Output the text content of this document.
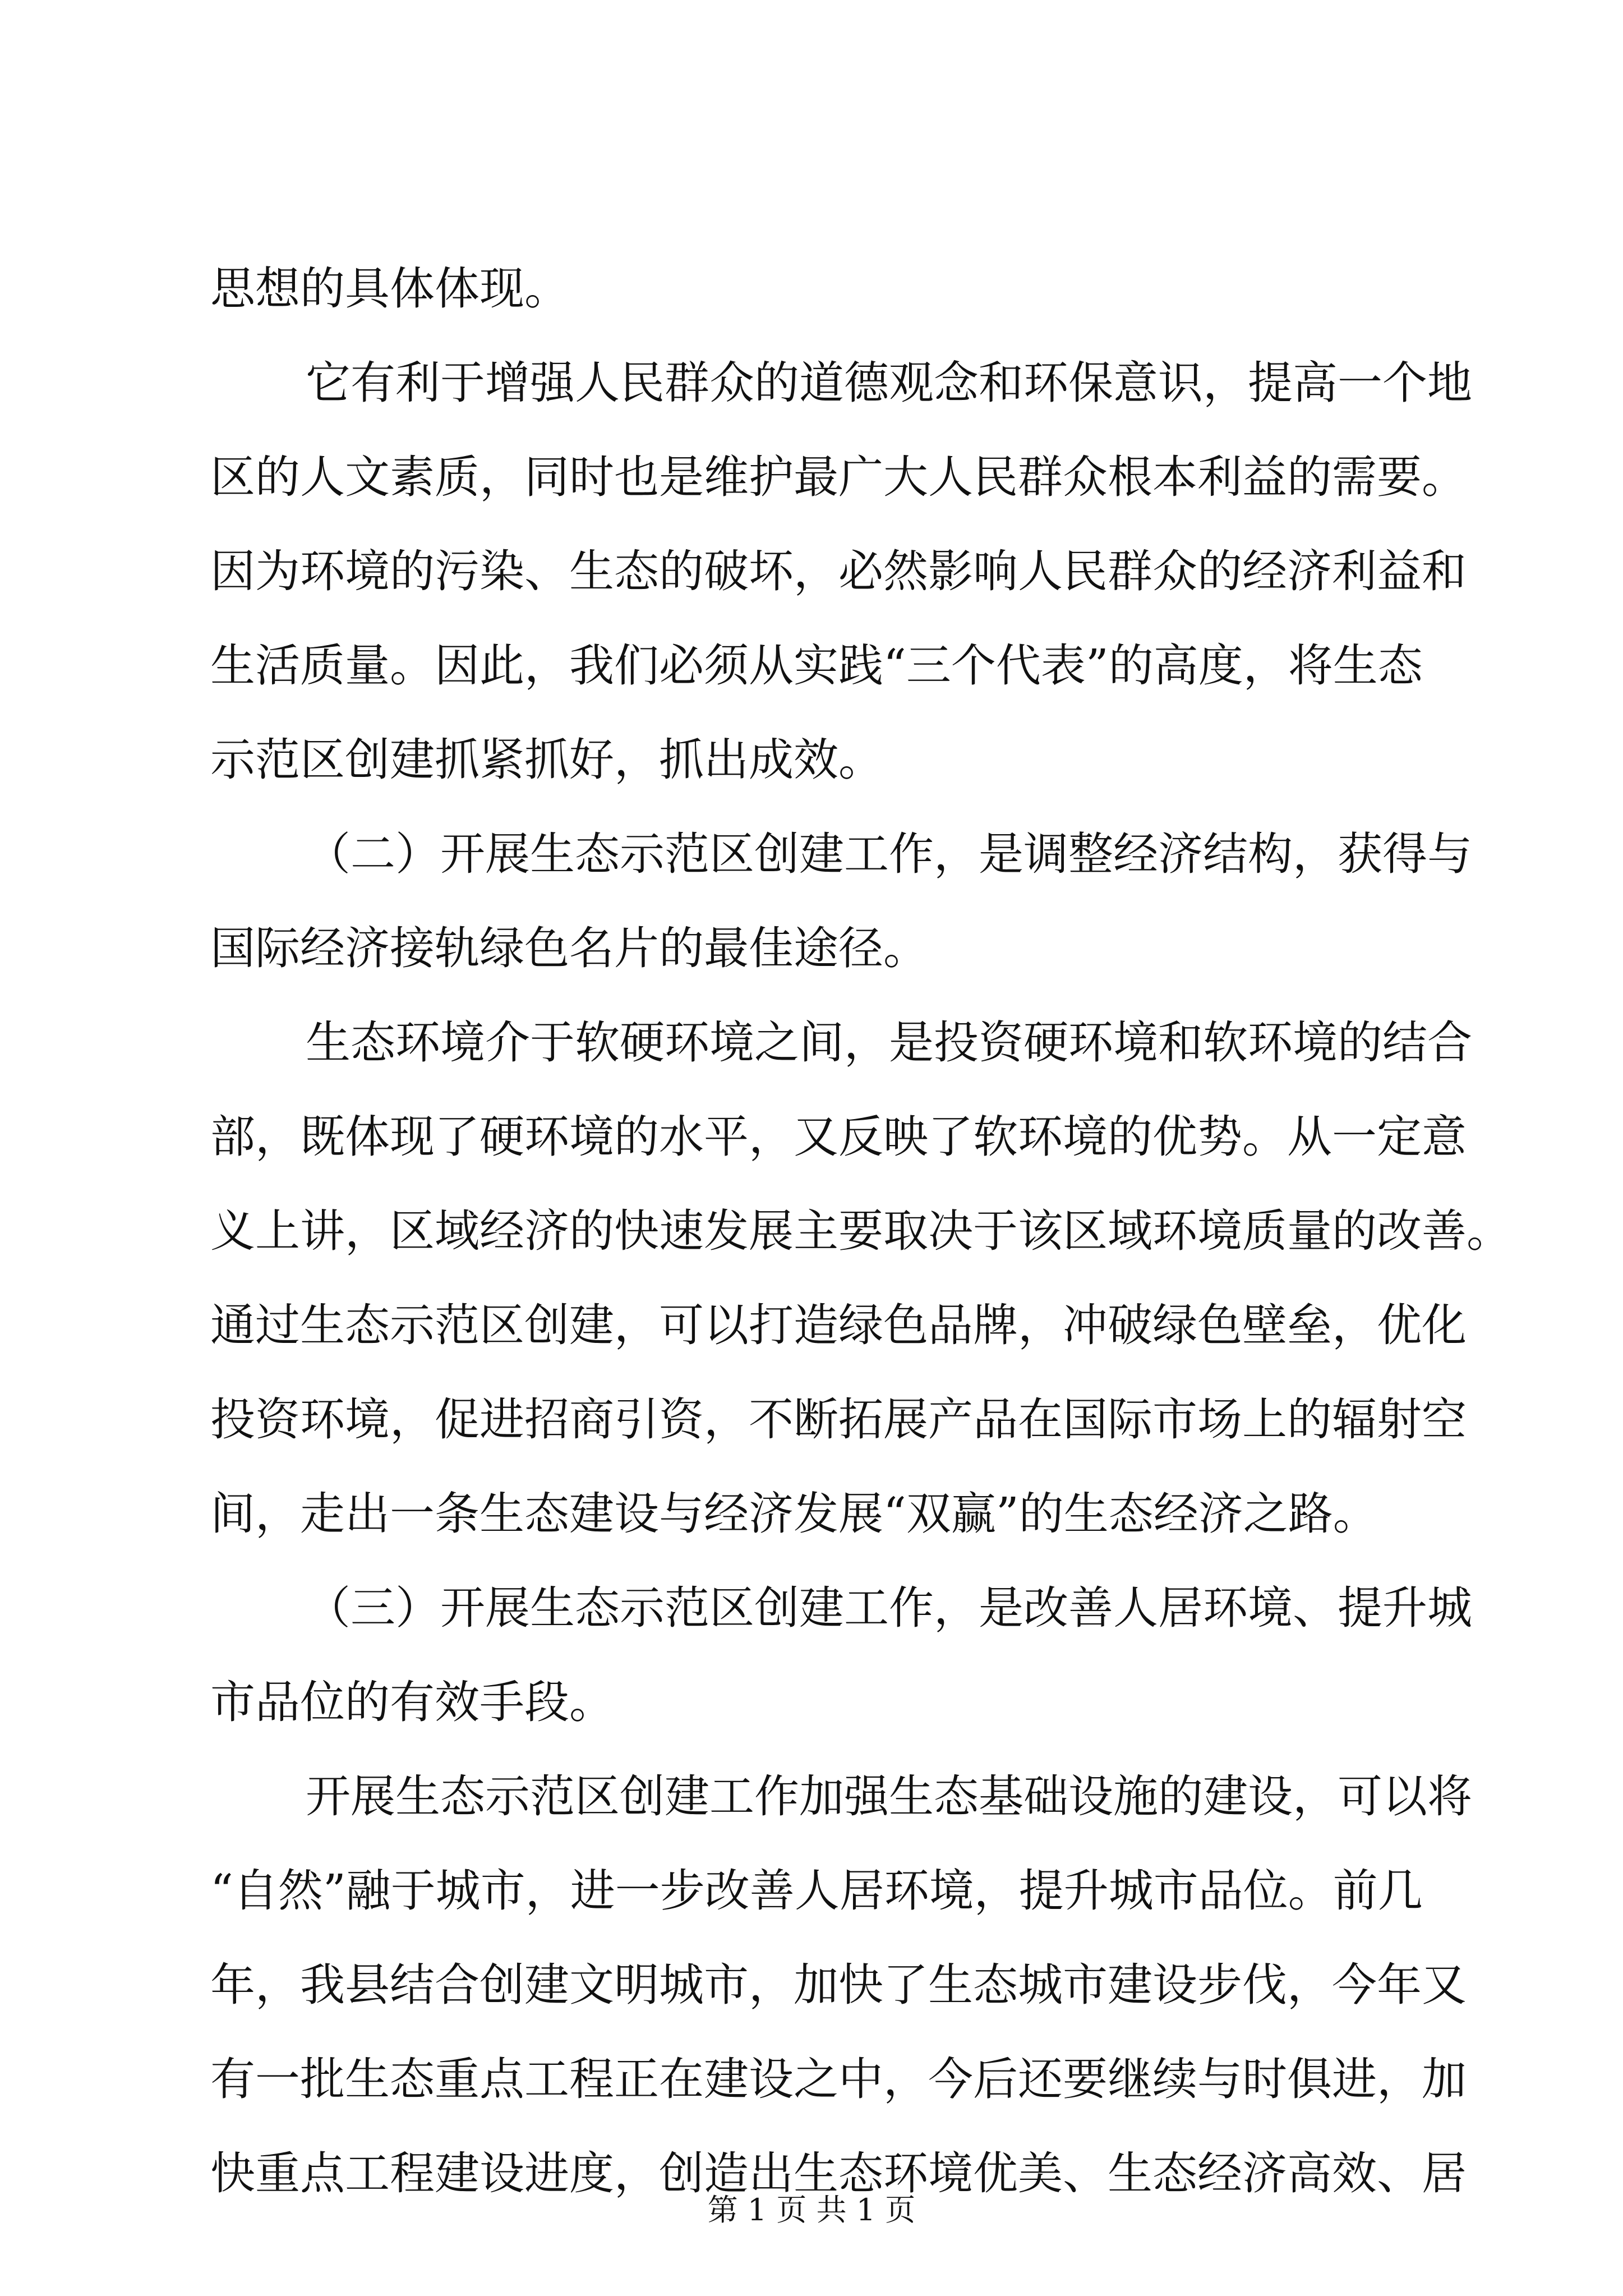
思想的具体体现。
它有利于增强人民群众的道德观念和环保意识，提高一个地
区的人文素质，同时也是维护最广大人民群众根本利益的需要。
因为环境的污染、生态的破坏，必然影响人民群众的经济利益和
生活质量。因此，我们必须从实践“三个代表”的高度，将生态
示范区创建抓紧抓好，抓出成效。
（二）开展生态示范区创建工作，是调整经济结构，获得与
国际经济接轨绿色名片的最佳途径。
生态环境介于软硬环境之间，是投资硬环境和软环境的结合
部，既体现了硬环境的水平，又反映了软环境的优势。从一定意
义上讲，区域经济的快速发展主要取决于该区域环境质量的改善。
通过生态示范区创建，可以打造绿色品牌，冲破绿色壁垒，优化
投资环境，促进招商引资，不断拓展产品在国际市场上的辐射空
间，走出一条生态建设与经济发展“双赢”的生态经济之路。
（三）开展生态示范区创建工作，是改善人居环境、提升城
市品位的有效手段。
开展生态示范区创建工作加强生态基础设施的建设，可以将
“自然”融于城市，进一步改善人居环境，提升城市品位。前几
年，我县结合创建文明城市，加快了生态城市建设步伐，今年又
有一批生态重点工程正在建设之中，今后还要继续与时俱进，加
快重点工程建设进度，创造出生态环境优美、生态经济高效、居
第 1 页 共 1 页
